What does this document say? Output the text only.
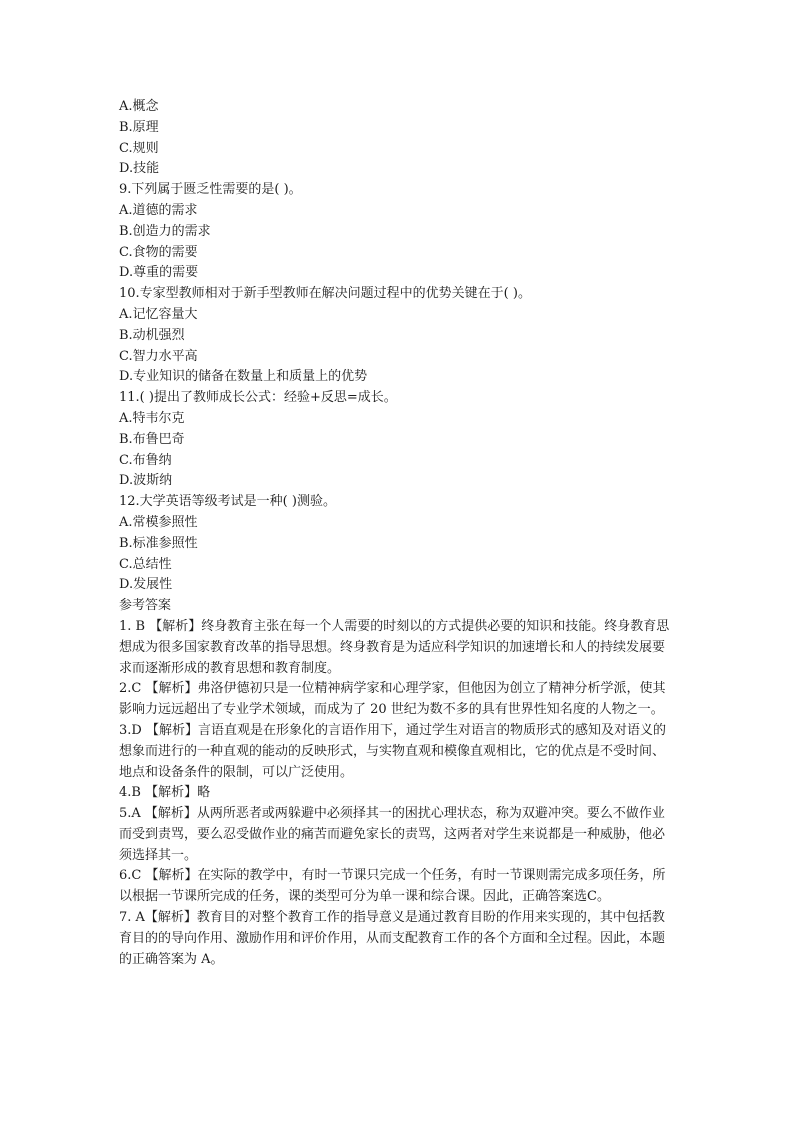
A.概念
B.原理
C.规则
D.技能
9.下列属于匮乏性需要的是( )。
A.道德的需求
B.创造力的需求
C.食物的需要
D.尊重的需要
10.专家型教师相对于新手型教师在解决问题过程中的优势关键在于( )。
A.记忆容量大
B.动机强烈
C.智力水平高
D.专业知识的储备在数量上和质量上的优势
11.( )提出了教师成长公式：经验+反思=成长。
A.特韦尔克
B.布鲁巴奇
C.布鲁纳
D.波斯纳
12.大学英语等级考试是一种( )测验。
A.常模参照性
B.标准参照性
C.总结性
D.发展性
参考答案
1. B 【解析】终身教育主张在每一个人需要的时刻以的方式提供必要的知识和技能。终身教育思想成为很多国家教育改革的指导思想。终身教育是为适应科学知识的加速增长和人的持续发展要求而逐渐形成的教育思想和教育制度。
2.C 【解析】弗洛伊德初只是一位精神病学家和心理学家，但他因为创立了精神分析学派，使其影响力远远超出了专业学术领域，而成为了 20 世纪为数不多的具有世界性知名度的人物之一。
3.D 【解析】言语直观是在形象化的言语作用下，通过学生对语言的物质形式的感知及对语义的想象而进行的一种直观的能动的反映形式，与实物直观和模像直观相比，它的优点是不受时间、地点和设备条件的限制，可以广泛使用。
4.B 【解析】略
5.A 【解析】从两所恶者或两躲避中必须择其一的困扰心理状态，称为双避冲突。要么不做作业而受到责骂，要么忍受做作业的痛苦而避免家长的责骂，这两者对学生来说都是一种威胁，他必须选择其一。
6.C 【解析】在实际的教学中，有时一节课只完成一个任务，有时一节课则需完成多项任务，所以根据一节课所完成的任务，课的类型可分为单一课和综合课。因此，正确答案选C。
7. A【解析】教育目的对整个教育工作的指导意义是通过教育目盼的作用来实现的，其中包括教育目的的导向作用、激励作用和评价作用，从而支配教育工作的各个方面和全过程。因此，本题的正确答案为 A。
